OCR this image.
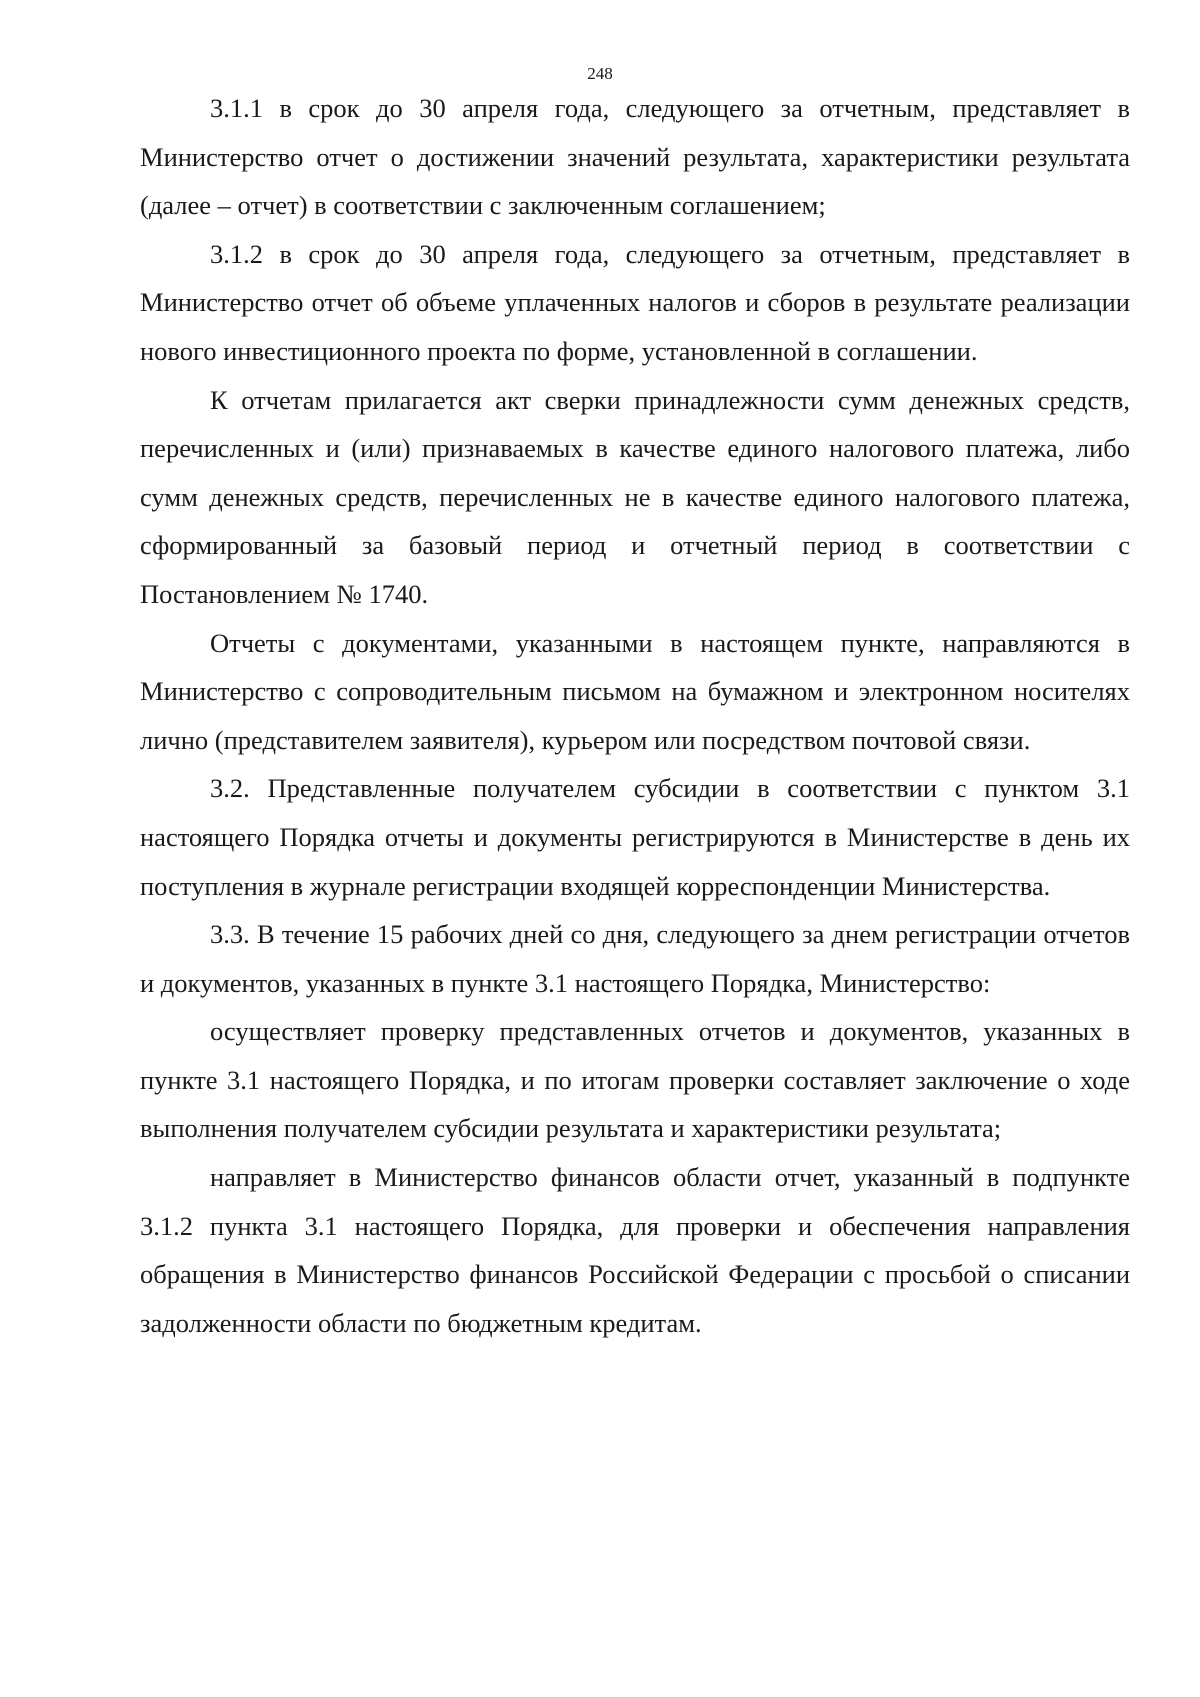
248

3.1.1 в срок до 30 апреля года, следующего за отчетным, представляет в Министерство отчет о достижении значений результата, характеристики результата (далее – отчет) в соответствии с заключенным соглашением;

3.1.2 в срок до 30 апреля года, следующего за отчетным, представляет в Министерство отчет об объеме уплаченных налогов и сборов в результате реализации нового инвестиционного проекта по форме, установленной в соглашении.

К отчетам прилагается акт сверки принадлежности сумм денежных средств, перечисленных и (или) признаваемых в качестве единого налогового платежа, либо сумм денежных средств, перечисленных не в качестве единого налогового платежа, сформированный за базовый период и отчетный период в соответствии с Постановлением № 1740.

Отчеты с документами, указанными в настоящем пункте, направляются в Министерство с сопроводительным письмом на бумажном и электронном носителях лично (представителем заявителя), курьером или посредством почтовой связи.

3.2. Представленные получателем субсидии в соответствии с пунктом 3.1 настоящего Порядка отчеты и документы регистрируются в Министерстве в день их поступления в журнале регистрации входящей корреспонденции Министерства.

3.3. В течение 15 рабочих дней со дня, следующего за днем регистрации отчетов и документов, указанных в пункте 3.1 настоящего Порядка, Министерство:

осуществляет проверку представленных отчетов и документов, указанных в пункте 3.1 настоящего Порядка, и по итогам проверки составляет заключение о ходе выполнения получателем субсидии результата и характеристики результата;

направляет в Министерство финансов области отчет, указанный в подпункте 3.1.2 пункта 3.1 настоящего Порядка, для проверки и обеспечения направления обращения в Министерство финансов Российской Федерации с просьбой о списании задолженности области по бюджетным кредитам.
